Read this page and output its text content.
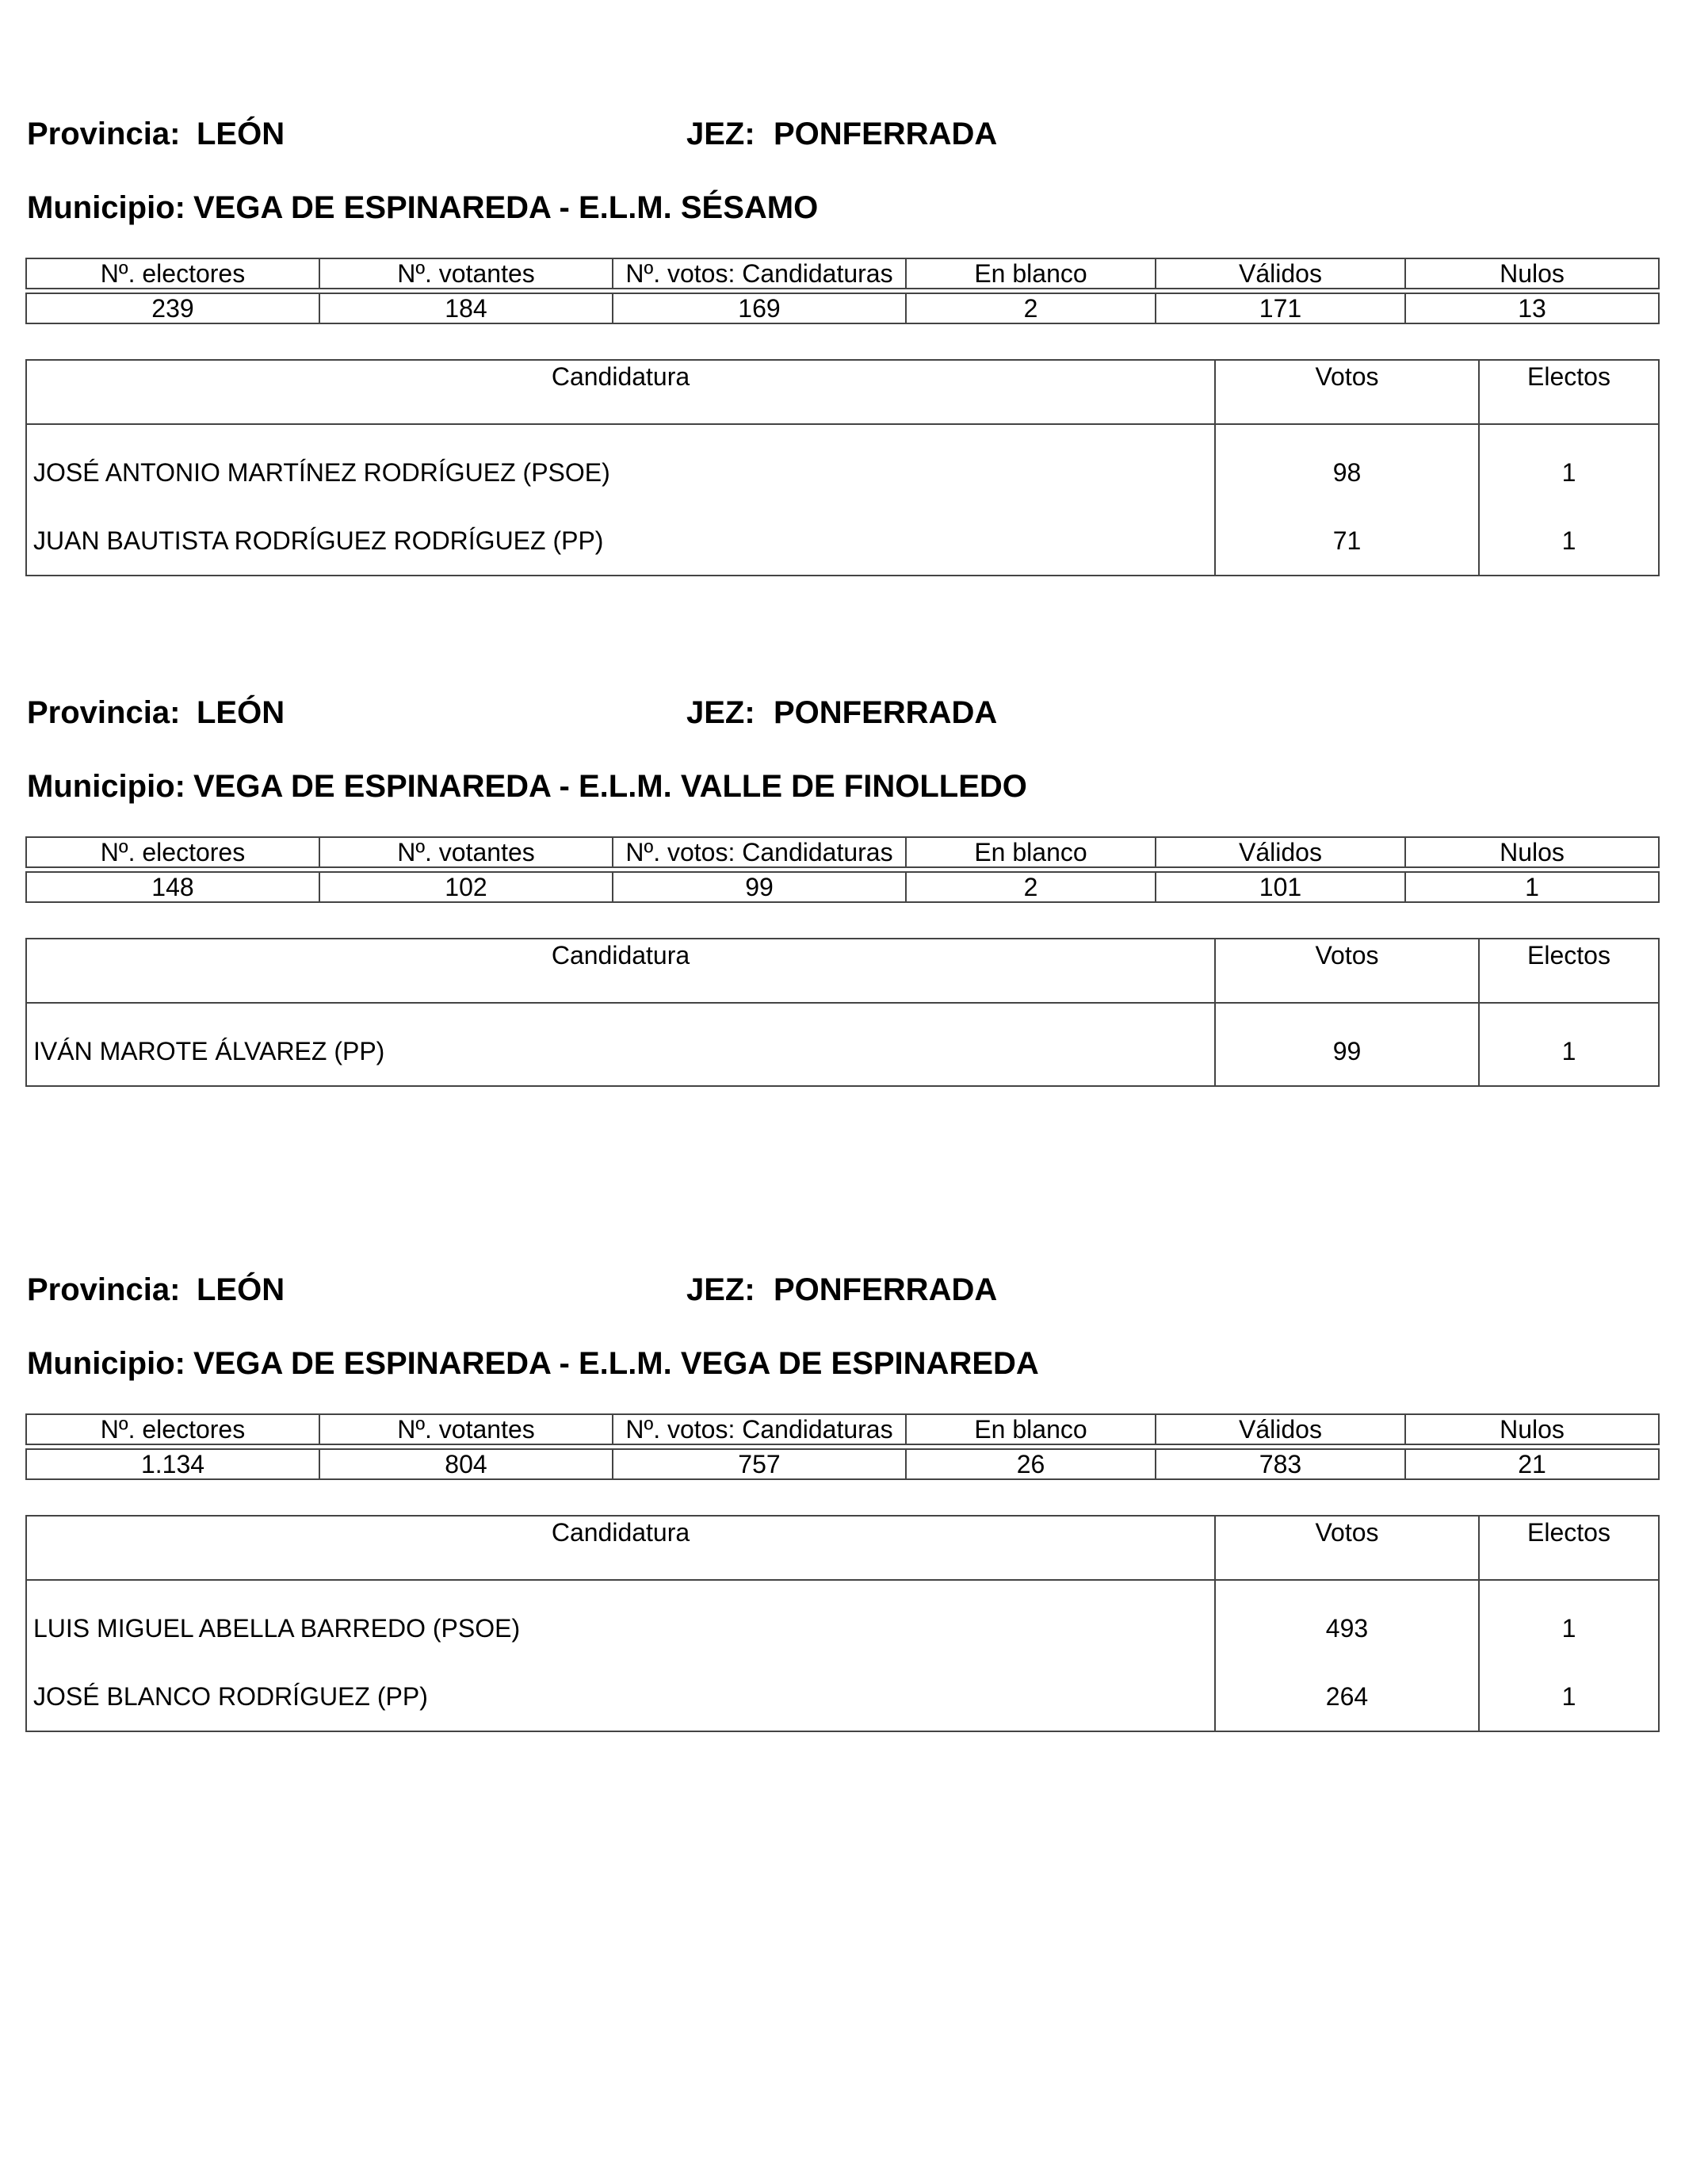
Provincia: LEÓN	JEZ: PONFERRADA
Municipio: VEGA DE ESPINAREDA - E.L.M. SÉSAMO
Nº. electores	Nº. votantes	Nº. votos: Candidaturas	En blanco	Válidos	Nulos

239	184	169	2	171	13
Candidatura	Votos	Electos
JOSÉ ANTONIO MARTÍNEZ RODRÍGUEZ (PSOE)	98	1
JUAN BAUTISTA RODRÍGUEZ RODRÍGUEZ (PP)	71	1
Provincia: LEÓN	JEZ: PONFERRADA
Municipio: VEGA DE ESPINAREDA - E.L.M. VALLE DE FINOLLEDO
Nº. electores	Nº. votantes	Nº. votos: Candidaturas	En blanco	Válidos	Nulos

148	102	99	2	101	1
Candidatura	Votos	Electos
IVÁN MAROTE ÁLVAREZ (PP)	99	1
Provincia: LEÓN	JEZ: PONFERRADA
Municipio: VEGA DE ESPINAREDA - E.L.M. VEGA DE ESPINAREDA
Nº. electores	Nº. votantes	Nº. votos: Candidaturas	En blanco	Válidos	Nulos

1.134	804	757	26	783	21
Candidatura	Votos	Electos
LUIS MIGUEL ABELLA BARREDO (PSOE)	493	1
JOSÉ BLANCO RODRÍGUEZ (PP)	264	1
